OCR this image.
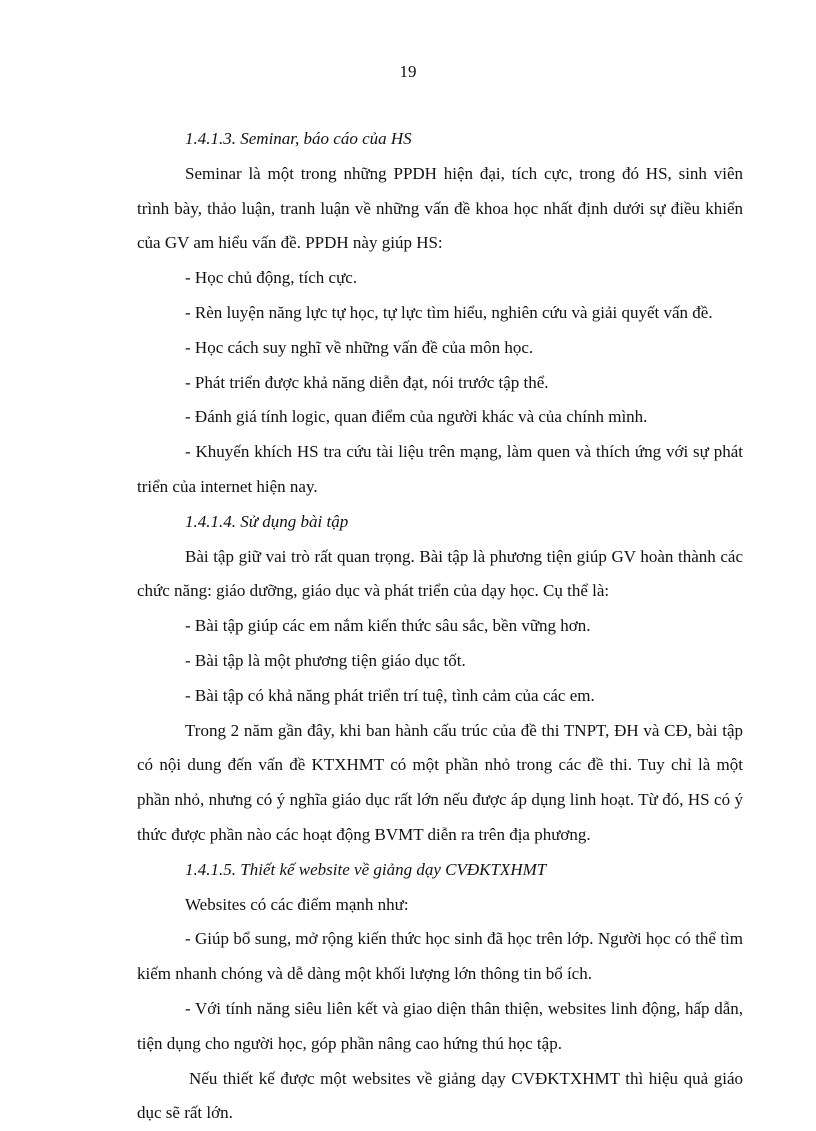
19

1.4.1.3. Seminar, báo cáo của HS

Seminar là một trong những PPDH hiện đại, tích cực, trong đó HS, sinh viên trình bày, thảo luận, tranh luận về những vấn đề khoa học nhất định dưới sự điều khiển của GV am hiểu vấn đề. PPDH này giúp HS:

- Học chủ động, tích cực.

- Rèn luyện năng lực tự học, tự lực tìm hiểu, nghiên cứu và giải quyết vấn đề.

- Học cách suy nghĩ về những vấn đề của môn học.

- Phát triển được khả năng diễn đạt, nói trước tập thể.

- Đánh giá tính logic, quan điểm của người khác và của chính mình.

- Khuyến khích HS tra cứu tài liệu trên mạng, làm quen và thích ứng với sự phát triển của internet hiện nay.

1.4.1.4. Sử dụng bài tập

Bài tập giữ vai trò rất quan trọng. Bài tập là phương tiện giúp GV hoàn thành các chức năng: giáo dưỡng, giáo dục và phát triển của dạy học. Cụ thể là:

- Bài tập giúp các em nắm kiến thức sâu sắc, bền vững hơn.

- Bài tập là một phương tiện giáo dục tốt.

- Bài tập có khả năng phát triển trí tuệ, tình cảm của các em.

Trong 2 năm gần đây, khi ban hành cấu trúc của đề thi TNPT, ĐH và CĐ, bài tập có nội dung đến vấn đề KTXHMT có một phần nhỏ trong các đề thi. Tuy chỉ là một phần nhỏ, nhưng có ý nghĩa giáo dục rất lớn nếu được áp dụng linh hoạt. Từ đó, HS có ý thức được phần nào các hoạt động BVMT diễn ra trên địa phương.

1.4.1.5. Thiết kế website về giảng dạy CVĐKTXHMT

Websites có các điểm mạnh như:

- Giúp bổ sung, mở rộng kiến thức học sinh đã học trên lớp. Người học có thể tìm kiếm nhanh chóng và dễ dàng một khối lượng lớn thông tin bổ ích.

- Với tính năng siêu liên kết và giao diện thân thiện, websites linh động, hấp dẫn, tiện dụng cho người học, góp phần nâng cao hứng thú học tập.

Nếu thiết kế được một websites về giảng dạy CVĐKTXHMT thì hiệu quả giáo dục sẽ rất lớn.
